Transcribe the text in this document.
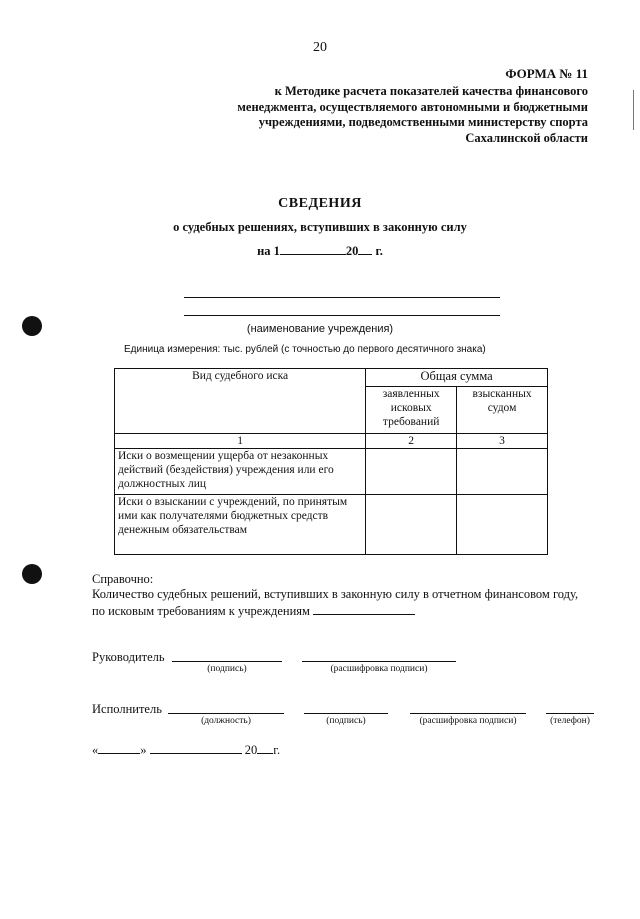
20
ФОРМА № 11
к Методике расчета показателей качества финансового
менеджмента, осуществляемого автономными и бюджетными
учреждениями, подведомственными министерству спорта
Сахалинской области
СВЕДЕНИЯ
о судебных решениях, вступивших в законную силу
на 1	20 г.
(наименование учреждения)
Единица измерения: тыс. рублей (с точностью до первого десятичного знака)
Вид судебного иска	Общая сумма	
	заявленных исковых требований	взысканных судом
1	2	3
Иски о возмещении ущерба от незаконных действий (бездействия) учреждения или его должностных лиц		
Иски о взыскании с учреждений, по принятым ими как получателями бюджетных средств денежным обязательствам		
Справочно:
Количество судебных решений, вступивших в законную силу в отчетном финансовом году, по исковым требованиям к учреждениям
Руководитель
(подпись)	(расшифровка подписи)
Исполнитель
(должность)	(подпись)	(расшифровка подписи)	(телефон)
«	»	20 г.
